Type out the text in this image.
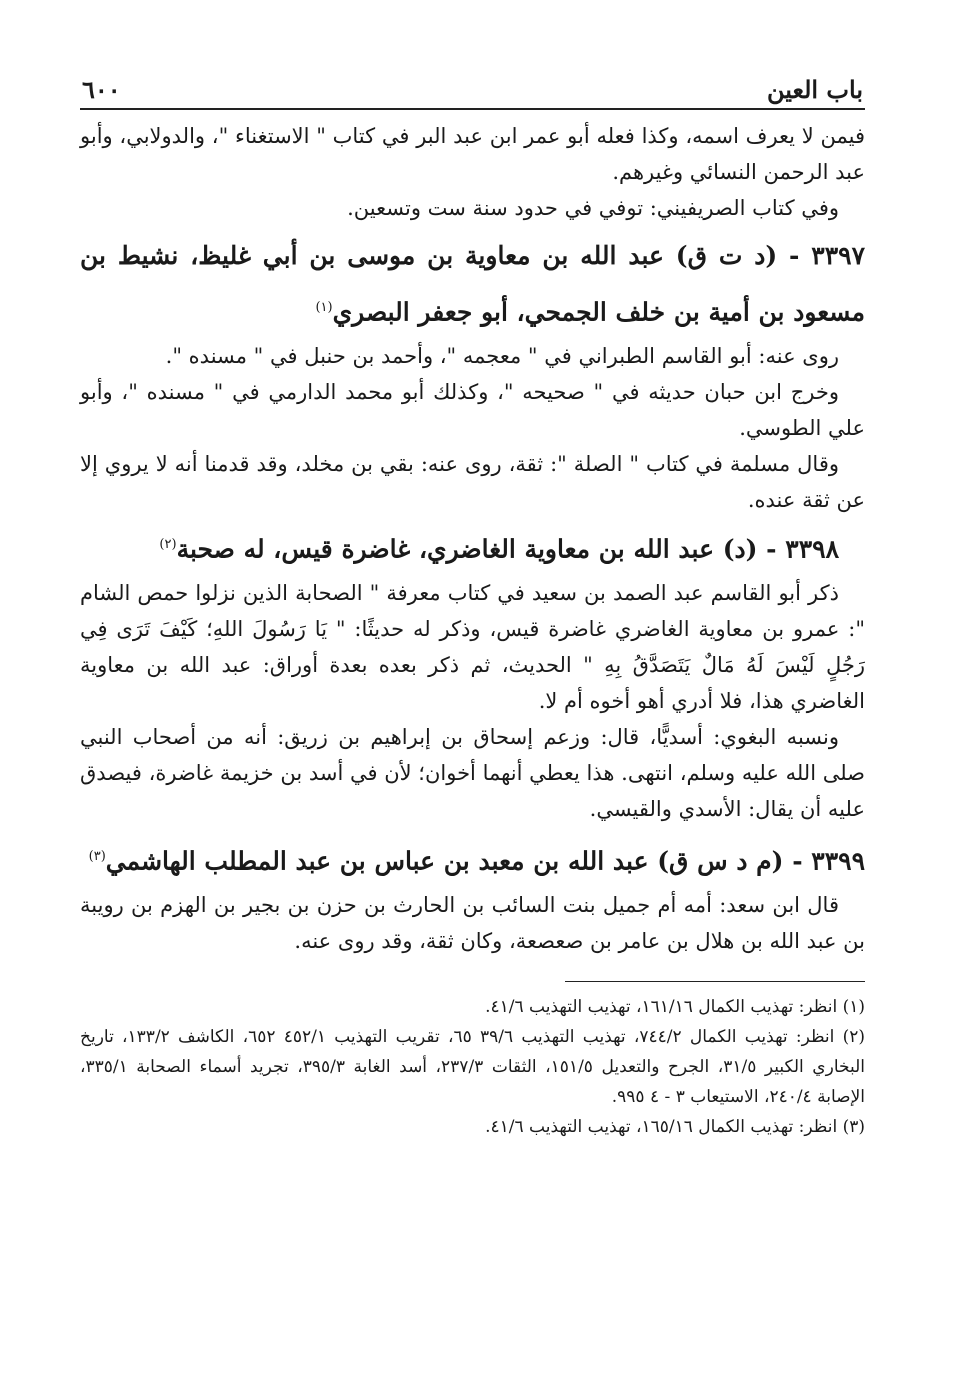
باب العين
٦٠٠

فيمن لا يعرف اسمه، وكذا فعله أبو عمر ابن عبد البر في كتاب " الاستغناء "، والدولابي، وأبو عبد الرحمن النسائي وغيرهم.

وفي كتاب الصريفيني: توفي في حدود سنة ست وتسعين.

٣٣٩٧ - (د ت ق) عبد الله بن معاوية بن موسى بن أبي غليظ، نشيط بن مسعود بن أمية بن خلف الجمحي، أبو جعفر البصري$^{(١)}$

روى عنه: أبو القاسم الطبراني في " معجمه "، وأحمد بن حنبل في " مسنده ".

وخرج ابن حبان حديثه في " صحيحه "، وكذلك أبو محمد الدارمي في " مسنده "، وأبو علي الطوسي.

وقال مسلمة في كتاب " الصلة ": ثقة، روى عنه: بقي بن مخلد، وقد قدمنا أنه لا يروي إلا عن ثقة عنده.

٣٣٩٨ - (د) عبد الله بن معاوية الغاضري، غاضرة قيس، له صحبة$^{(٢)}$

ذكر أبو القاسم عبد الصمد بن سعيد في كتاب معرفة " الصحابة الذين نزلوا حمص الشام ": عمرو بن معاوية الغاضري غاضرة قيس، وذكر له حديثًا: " يَا رَسُولَ اللهِ؛ كَيْفَ تَرَى فِي رَجُلٍ لَيْسَ لَهُ مَالٌ يَتَصَدَّقُ بِهِ " الحديث، ثم ذكر بعده بعدة أوراق: عبد الله بن معاوية الغاضري هذا، فلا أدري أهو أخوه أم لا.

ونسبه البغوي: أسديًّا، قال: وزعم إسحاق بن إبراهيم بن زريق: أنه من أصحاب النبي صلى الله عليه وسلم، انتهى. هذا يعطي أنهما أخوان؛ لأن في أسد بن خزيمة غاضرة، فيصدق عليه أن يقال: الأسدي والقيسي.

٣٣٩٩ - (م د س ق) عبد الله بن معبد بن عباس بن عبد المطلب الهاشمي$^{(٣)}$

قال ابن سعد: أمه أم جميل بنت السائب بن الحارث بن حزن بن بجير بن الهزم بن رويبة بن عبد الله بن هلال بن عامر بن صعصعة، وكان ثقة، وقد روى عنه.

(١) انظر: تهذيب الكمال ١٦١/١٦، تهذيب التهذيب ٤١/٦.

(٢) انظر: تهذيب الكمال ٧٤٤/٢، تهذيب التهذيب ٣٩/٦ ٦٥، تقريب التهذيب ٤٥٢/١ ٦٥٢، الكاشف ١٣٣/٢، تاريخ البخاري الكبير ٣١/٥، الجرح والتعديل ١٥١/٥، الثقات ٢٣٧/٣، أسد الغابة ٣٩٥/٣، تجريد أسماء الصحابة ٣٣٥/١، الإصابة ٢٤٠/٤، الاستيعاب ٣ - ٤ ٩٩٥.

(٣) انظر: تهذيب الكمال ١٦٥/١٦، تهذيب التهذيب ٤١/٦.
